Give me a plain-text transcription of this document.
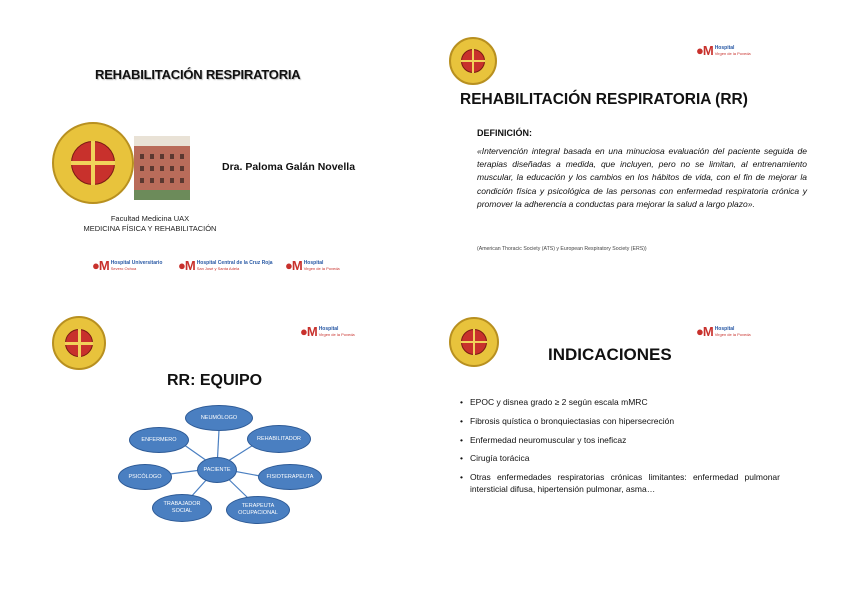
REHABILITACIÓN RESPIRATORIA
Dra. Paloma Galán Novella
Facultad Medicina UAX
MEDICINA FÍSICA Y REHABILITACIÓN
●M Hospital Universitario
Severo Ochoa	●M Hospital Central de la Cruz Roja
San José y Santa Adela	●M Hospital
Virgen de la Poveda
●M Hospital
Virgen de la Poveda
REHABILITACIÓN RESPIRATORIA (RR)
DEFINICIÓN:
«Intervención integral basada en una minuciosa evaluación del paciente seguida de terapias diseñadas a medida, que incluyen, pero no se limitan, al entrenamiento muscular, la educación y los cambios en los hábitos de vida, con el fin de mejorar la condición física y psicológica de las personas con enfermedad respiratoria crónica y promover la adherencia a conductas para mejorar la salud a largo plazo».
(American Thoracic Society (ATS) y European Respiratory Society (ERS))
●M Hospital
Virgen de la Poveda
RR: EQUIPO
PACIENTE
NEUMÓLOGO
ENFERMERO	REHABILITADOR
PSICÓLOGO	FISIOTERAPEUTA
TRABAJADOR SOCIAL
TERAPEUTA OCUPACIONAL
●M Hospital
Virgen de la Poveda
INDICACIONES
• EPOC y disnea grado ≥ 2 según escala mMRC
• Fibrosis quística o bronquiectasias con hipersecreción
• Enfermedad neuromuscular y tos ineficaz
• Cirugía torácica
• Otras enfermedades respiratorias crónicas limitantes: enfermedad pulmonar intersticial difusa, hipertensión pulmonar, asma…
